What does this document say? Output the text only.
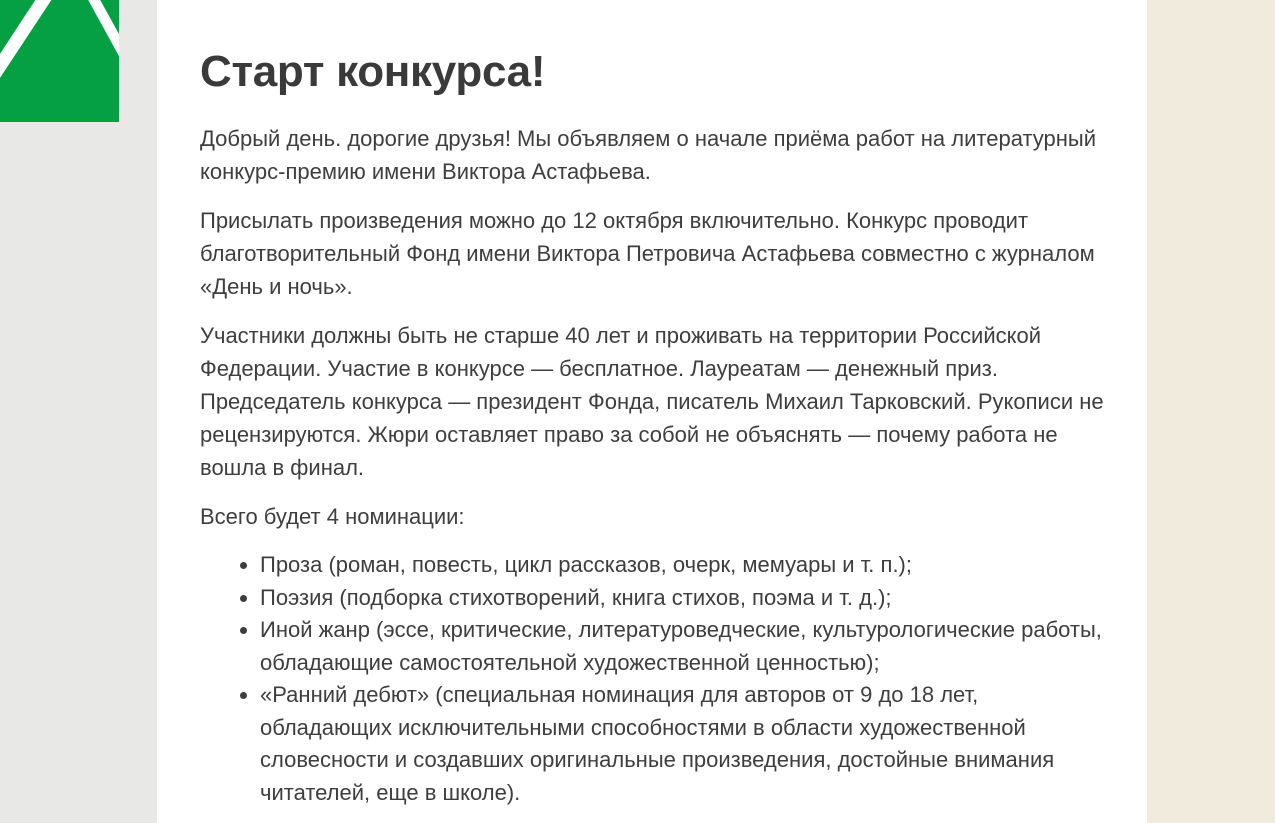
Старт конкурса!

Добрый день. дорогие друзья! Мы объявляем о начале приёма работ на литературный конкурс-премию имени Виктора Астафьева.

Присылать произведения можно до 12 октября включительно. Конкурс проводит благотворительный Фонд имени Виктора Петровича Астафьева совместно с журналом «День и ночь».

Участники должны быть не старше 40 лет и проживать на территории Российской Федерации. Участие в конкурсе — бесплатное. Лауреатам — денежный приз. Председатель конкурса — президент Фонда, писатель Михаил Тарковский. Рукописи не рецензируются. Жюри оставляет право за собой не объяснять — почему работа не вошла в финал.

Всего будет 4 номинации:

Проза (роман, повесть, цикл рассказов, очерк, мемуары и т. п.);
Поэзия (подборка стихотворений, книга стихов, поэма и т. д.);
Иной жанр (эссе, критические, литературоведческие, культурологические работы, обладающие самостоятельной художественной ценностью);
«Ранний дебют» (специальная номинация для авторов от 9 до 18 лет, обладающих исключительными способностями в области художественной словесности и создавших оригинальные произведения, достойные внимания читателей, еще в школе).
